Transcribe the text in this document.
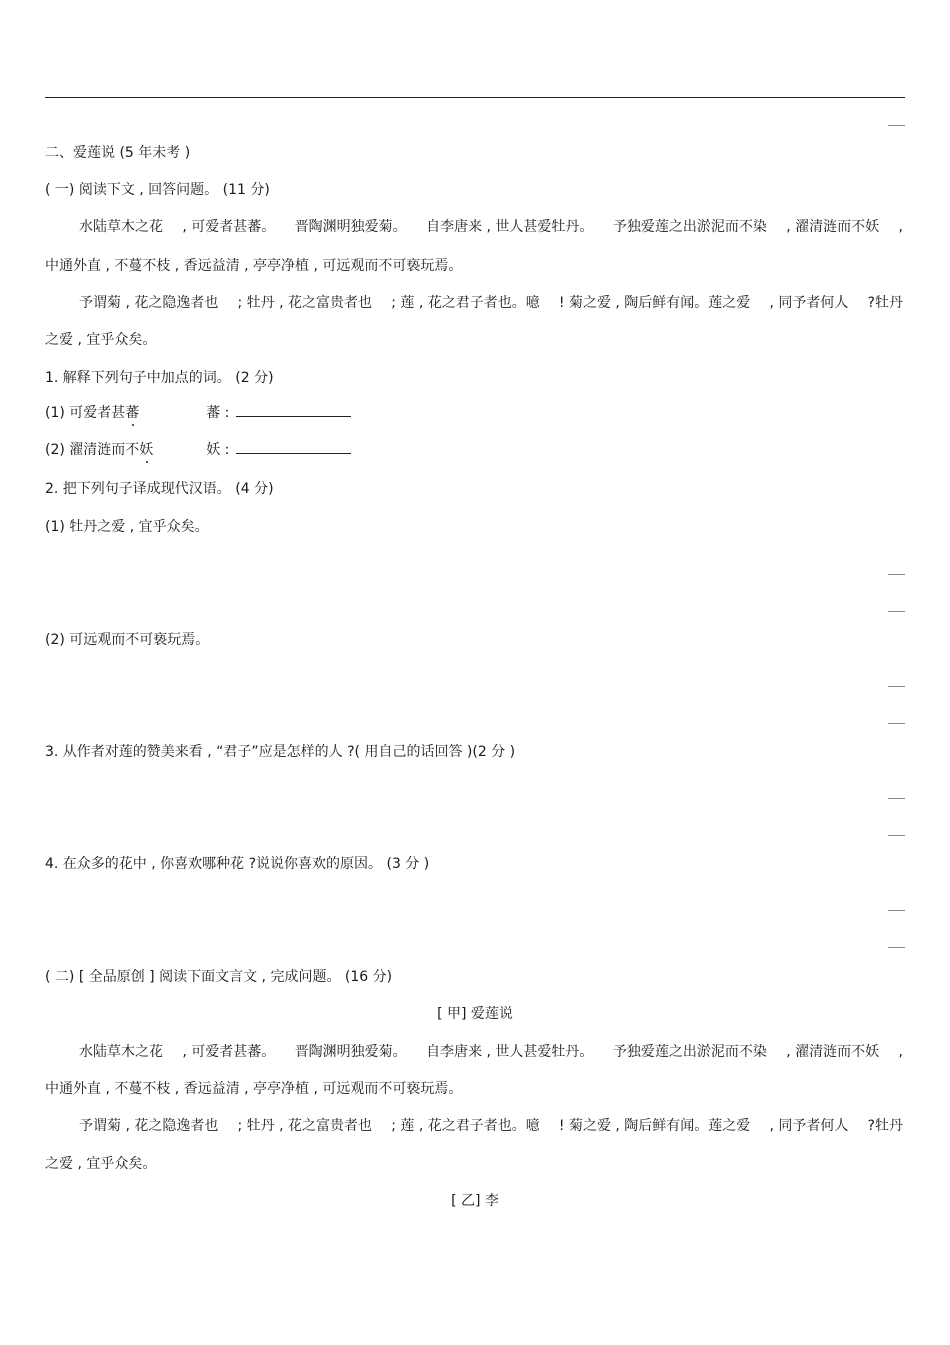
二、爱莲说 (5 年未考 )
( 一) 阅读下文 , 回答问题。 (11 分)
水陆草木之花 , 可爱者甚蕃。 晋陶渊明独爱菊。 自李唐来 , 世人甚爱牡丹。 予独爱莲之出淤泥而不染 , 濯清涟而不妖 ,
中通外直 , 不蔓不枝 , 香远益清 , 亭亭净植 , 可远观而不可亵玩焉。
予谓菊 , 花之隐逸者也 ; 牡丹 , 花之富贵者也 ; 莲 , 花之君子者也。噫 ! 菊之爱 , 陶后鲜有闻。莲之爱 , 同予者何人 ?牡丹
之爱 , 宜乎众矣。
1. 解释下列句子中加点的词。 (2 分)
(1) 可爱者甚蕃	蕃 :
(2) 濯清涟而不妖	妖 :
2. 把下列句子译成现代汉语。 (4 分)
(1) 牡丹之爱 , 宜乎众矣。
(2) 可远观而不可亵玩焉。
3. 从作者对莲的赞美来看 , “君子”应是怎样的人 ?( 用自己的话回答 )(2 分 )
4. 在众多的花中 , 你喜欢哪种花 ?说说你喜欢的原因。 (3 分 )
( 二) [ 全品原创 ] 阅读下面文言文 , 完成问题。 (16 分)
[ 甲] 爱莲说
水陆草木之花 , 可爱者甚蕃。 晋陶渊明独爱菊。 自李唐来 , 世人甚爱牡丹。 予独爱莲之出淤泥而不染 , 濯清涟而不妖 ,
中通外直 , 不蔓不枝 , 香远益清 , 亭亭净植 , 可远观而不可亵玩焉。
予谓菊 , 花之隐逸者也 ; 牡丹 , 花之富贵者也 ; 莲 , 花之君子者也。噫 ! 菊之爱 , 陶后鲜有闻。莲之爱 , 同予者何人 ?牡丹
之爱 , 宜乎众矣。
[ 乙] 李
